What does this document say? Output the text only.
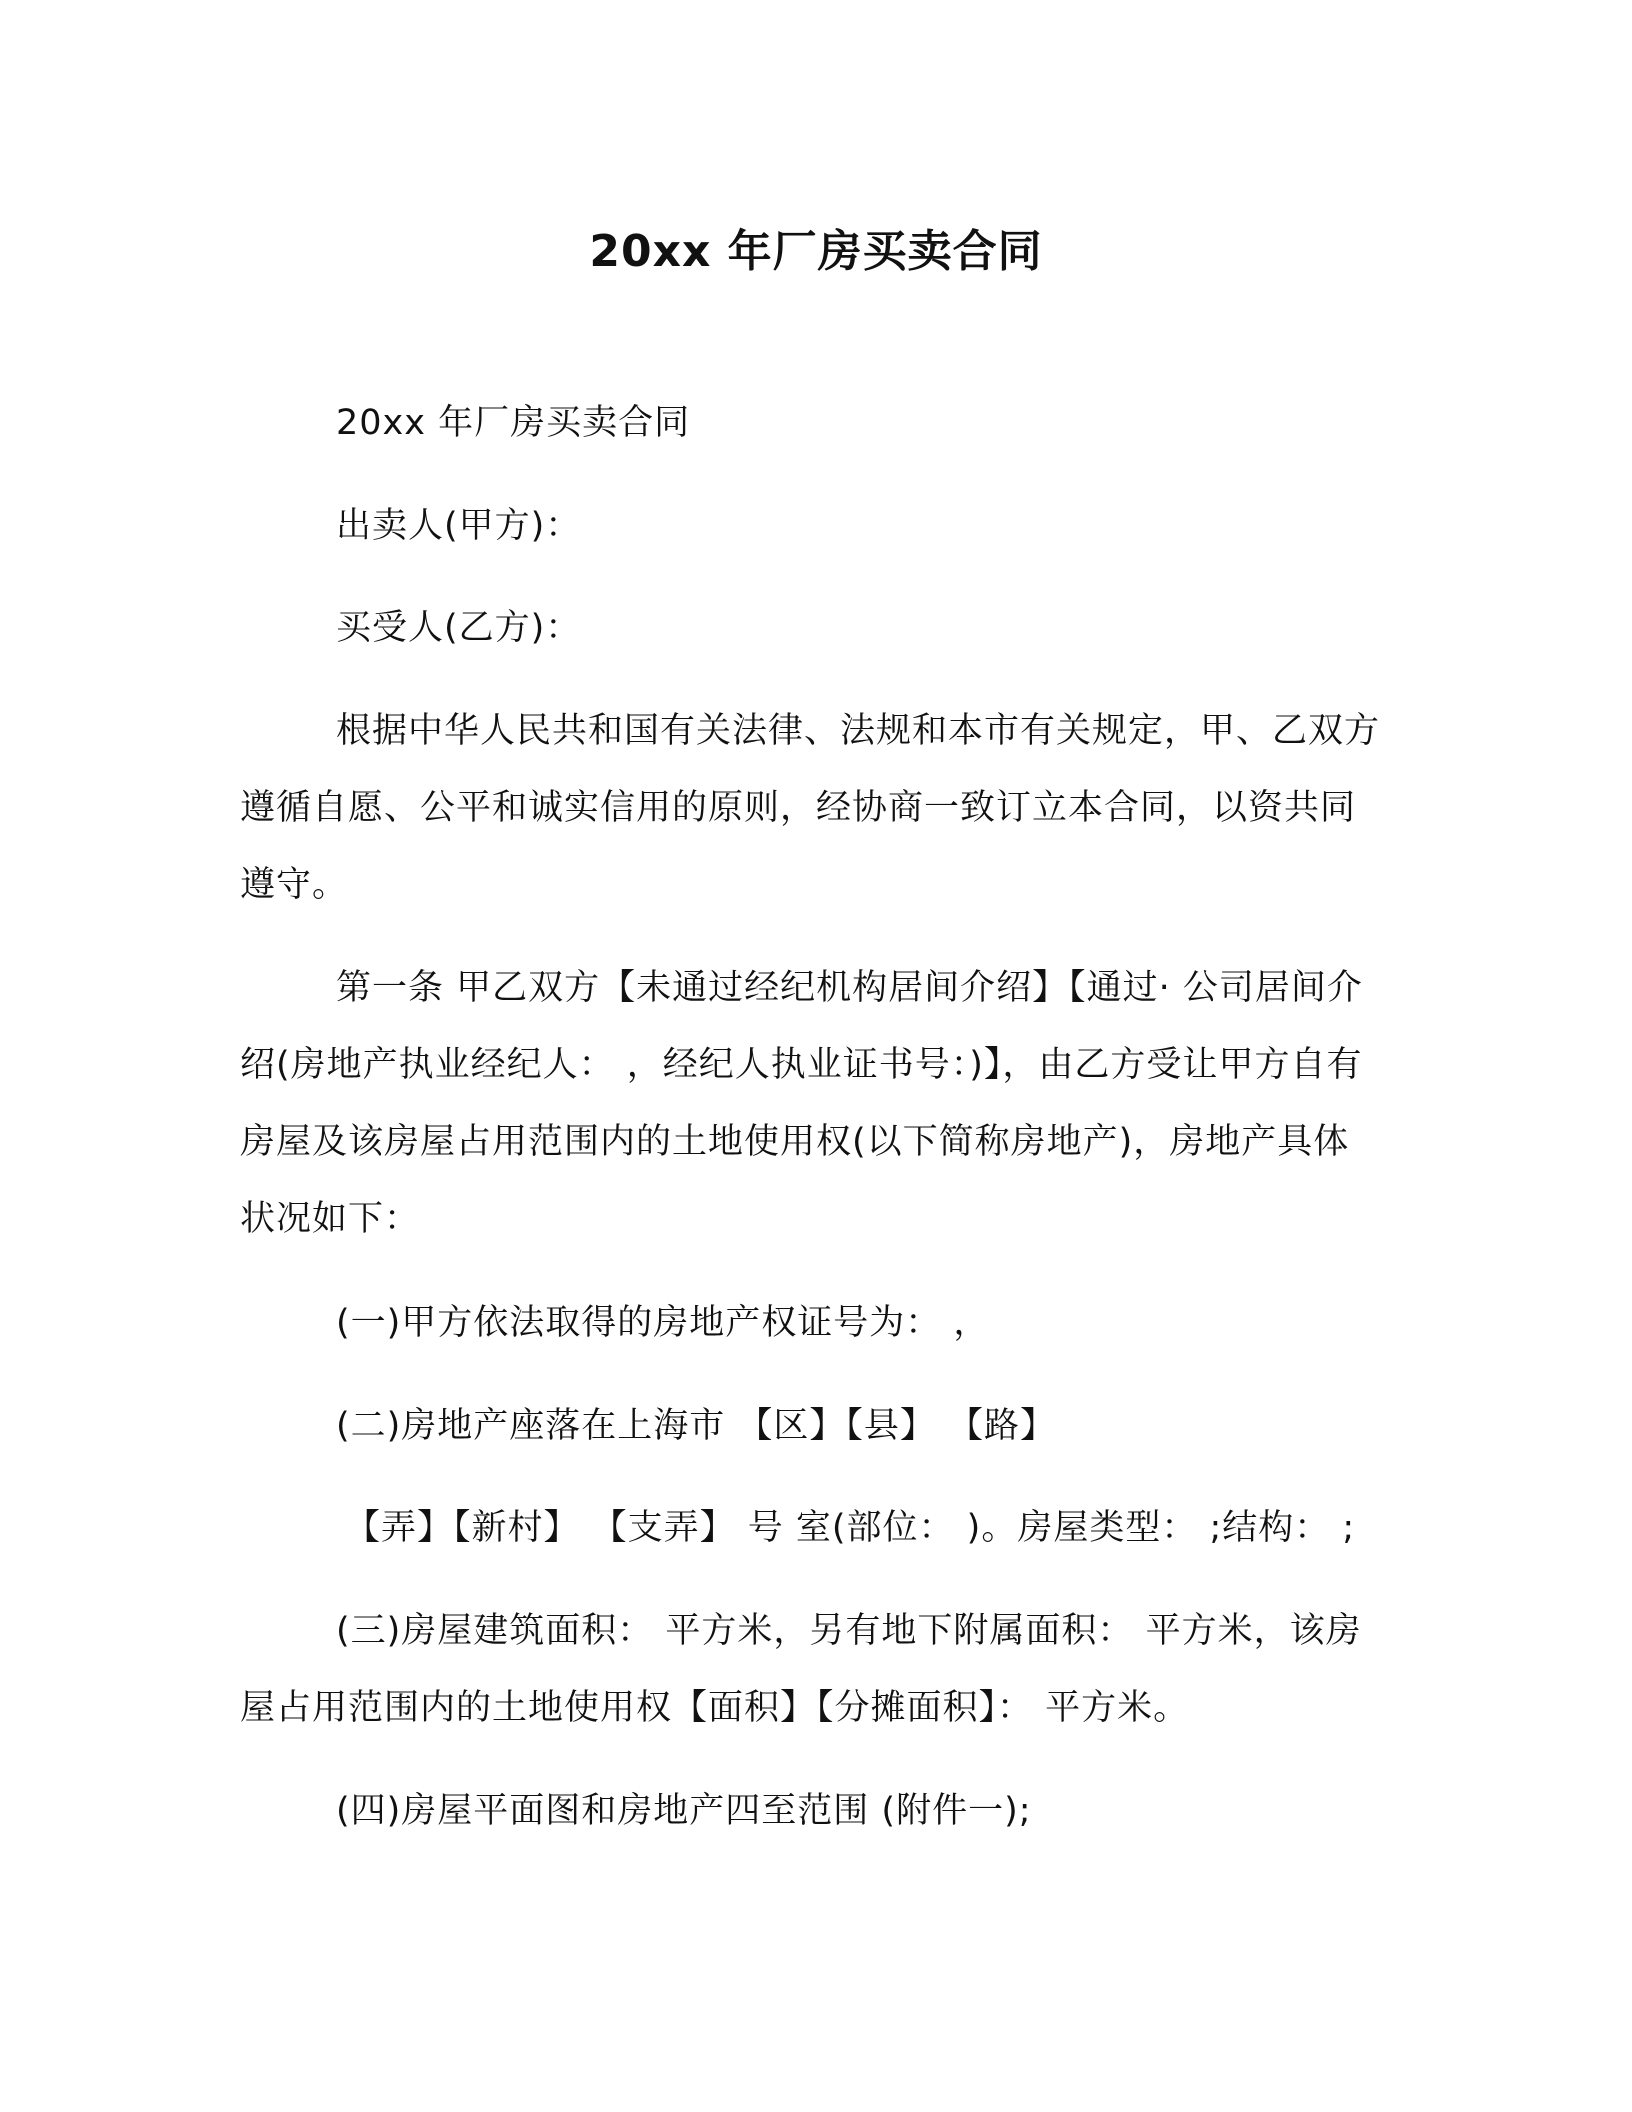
20xx 年厂房买卖合同
20xx 年厂房买卖合同
出卖人(甲方)：
买受人(乙方)：

根据中华人民共和国有关法律、法规和本市有关规定，甲、乙双方遵循自愿、公平和诚实信用的原则，经协商一致订立本合同，以资共同遵守。

第一条 甲乙双方【未通过经纪机构居间介绍】【通过· 公司居间介绍(房地产执业经纪人： ，经纪人执业证书号：)】，由乙方受让甲方自有房屋及该房屋占用范围内的土地使用权(以下简称房地产)，房地产具体状况如下：

(一)甲方依法取得的房地产权证号为： ，
(二)房地产座落在上海市 【区】【县】 【路】
【弄】【新村】 【支弄】 号 室(部位： )。房屋类型： ;结构： ;

(三)房屋建筑面积： 平方米，另有地下附属面积： 平方米，该房屋占用范围内的土地使用权【面积】【分摊面积】： 平方米。

(四)房屋平面图和房地产四至范围 (附件一);
